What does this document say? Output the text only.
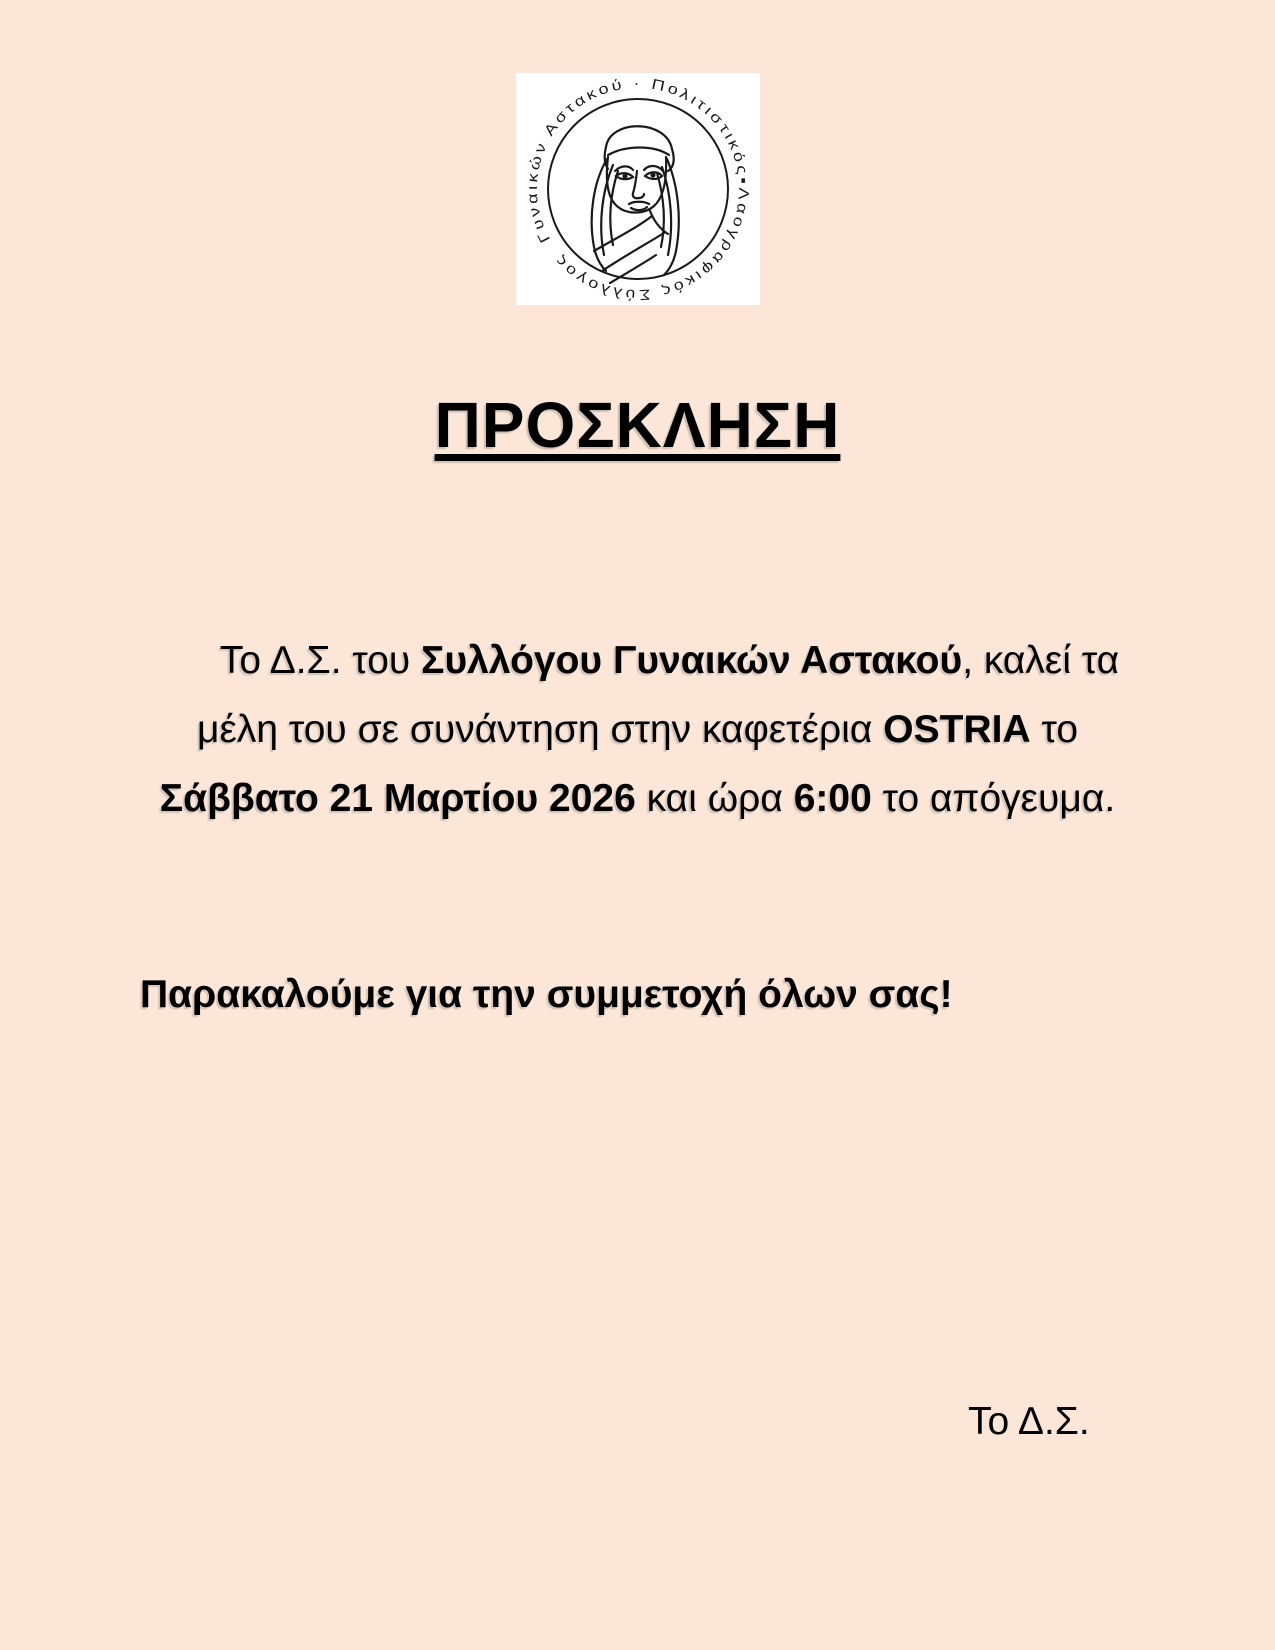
Γυναικών Αστακού · Πολιτιστικός▪Λαογραφικός Σύλλογος
ΠΡΟΣΚΛΗΣΗ
Το Δ.Σ. του Συλλόγου Γυναικών Αστακού, καλεί τα
μέλη του σε συνάντηση στην καφετέρια OSTRIA το
Σάββατο 21 Μαρτίου 2026 και ώρα 6:00 το απόγευμα.
Παρακαλούμε για την συμμετοχή όλων σας!
Το Δ.Σ.
